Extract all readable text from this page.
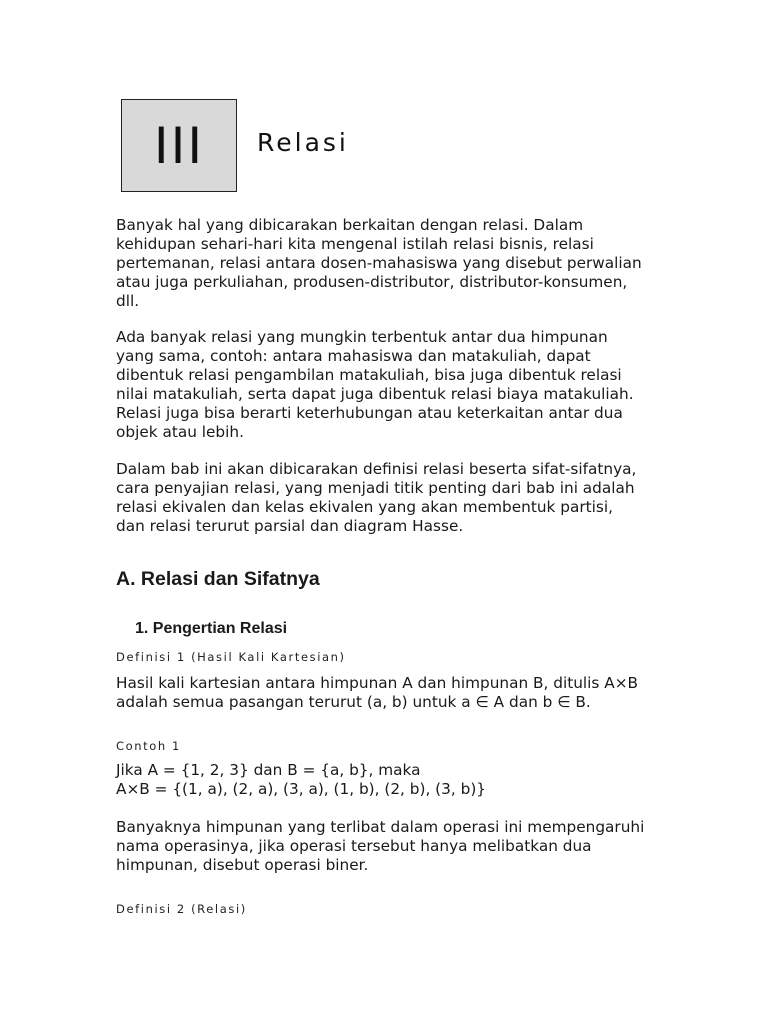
III Relasi

Banyak hal yang dibicarakan berkaitan dengan relasi. Dalam
kehidupan sehari-hari kita mengenal istilah relasi bisnis, relasi
pertemanan, relasi antara dosen-mahasiswa yang disebut perwalian
atau juga perkuliahan, produsen-distributor, distributor-konsumen,
dll.

Ada banyak relasi yang mungkin terbentuk antar dua himpunan
yang sama, contoh: antara mahasiswa dan matakuliah, dapat
dibentuk relasi pengambilan matakuliah, bisa juga dibentuk relasi
nilai matakuliah, serta dapat juga dibentuk relasi biaya matakuliah.
Relasi juga bisa berarti keterhubungan atau keterkaitan antar dua
objek atau lebih.

Dalam bab ini akan dibicarakan definisi relasi beserta sifat-sifatnya,
cara penyajian relasi, yang menjadi titik penting dari bab ini adalah
relasi ekivalen dan kelas ekivalen yang akan membentuk partisi,
dan relasi terurut parsial dan diagram Hasse.

A. Relasi dan Sifatnya
1. Pengertian Relasi
Definisi 1 (Hasil Kali Kartesian)

Hasil kali kartesian antara himpunan A dan himpunan B, ditulis A×B
adalah semua pasangan terurut (a, b) untuk a ∈ A dan b ∈ B.

Contoh 1

Jika A = {1, 2, 3} dan B = {a, b}, maka
A×B = {(1, a), (2, a), (3, a), (1, b), (2, b), (3, b)}

Banyaknya himpunan yang terlibat dalam operasi ini mempengaruhi
nama operasinya, jika operasi tersebut hanya melibatkan dua
himpunan, disebut operasi biner.

Definisi 2 (Relasi)
